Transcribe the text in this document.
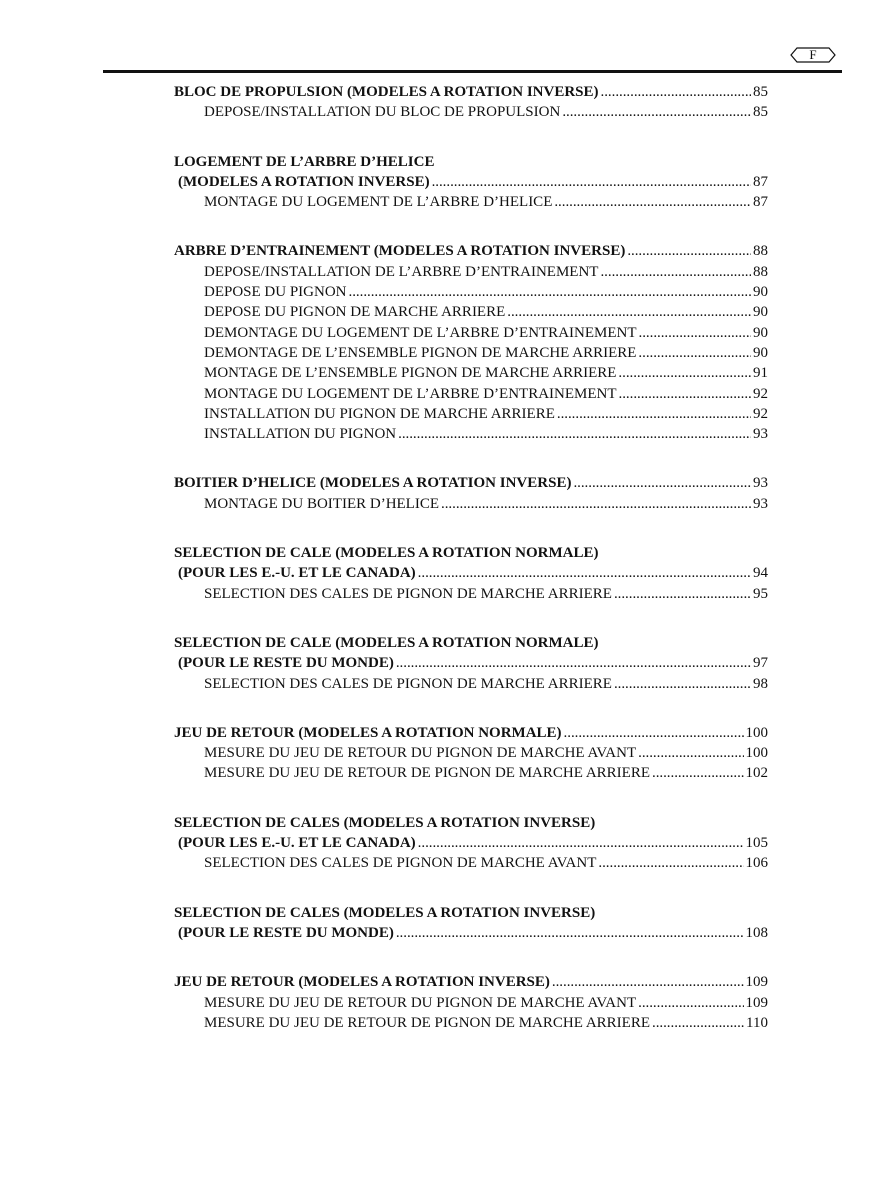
F
BLOC DE PROPULSION (MODELES A ROTATION INVERSE) . . .	85
DEPOSE/INSTALLATION DU BLOC DE PROPULSION . . .	85
LOGEMENT DE L’ARBRE D’HELICE
(MODELES A ROTATION INVERSE) . . .	87
MONTAGE DU LOGEMENT DE L’ARBRE D’HELICE . . .	87
ARBRE D’ENTRAINEMENT (MODELES A ROTATION INVERSE) . . .	88
DEPOSE/INSTALLATION DE L’ARBRE D’ENTRAINEMENT . . .	88
DEPOSE DU PIGNON . . .	90
DEPOSE DU PIGNON DE MARCHE ARRIERE . . .	90
DEMONTAGE DU LOGEMENT DE L’ARBRE D’ENTRAINEMENT . . .	90
DEMONTAGE DE L’ENSEMBLE PIGNON DE MARCHE ARRIERE . . .	90
MONTAGE DE L’ENSEMBLE PIGNON DE MARCHE ARRIERE . . .	91
MONTAGE DU LOGEMENT DE L’ARBRE D’ENTRAINEMENT . . .	92
INSTALLATION DU PIGNON DE MARCHE ARRIERE . . .	92
INSTALLATION DU PIGNON . . .	93
BOITIER D’HELICE (MODELES A ROTATION INVERSE) . . .	93
MONTAGE DU BOITIER D’HELICE . . .	93
SELECTION DE CALE (MODELES A ROTATION NORMALE)
(POUR LES E.-U. ET LE CANADA) . . .	94
SELECTION DES CALES DE PIGNON DE MARCHE ARRIERE . . .	95
SELECTION DE CALE (MODELES A ROTATION NORMALE)
(POUR LE RESTE DU MONDE) . . .	97
SELECTION DES CALES DE PIGNON DE MARCHE ARRIERE . . .	98
JEU DE RETOUR (MODELES A ROTATION NORMALE) . . .	100
MESURE DU JEU DE RETOUR DU PIGNON DE MARCHE AVANT . . .	100
MESURE DU JEU DE RETOUR DE PIGNON DE MARCHE ARRIERE . . .	102
SELECTION DE CALES (MODELES A ROTATION INVERSE)
(POUR LES E.-U. ET LE CANADA) . . .	105
SELECTION DES CALES DE PIGNON DE MARCHE AVANT . . .	106
SELECTION DE CALES (MODELES A ROTATION INVERSE)
(POUR LE RESTE DU MONDE) . . .	108
JEU DE RETOUR (MODELES A ROTATION INVERSE) . . .	109
MESURE DU JEU DE RETOUR DU PIGNON DE MARCHE AVANT . . .	109
MESURE DU JEU DE RETOUR DE PIGNON DE MARCHE ARRIERE . . .	110
